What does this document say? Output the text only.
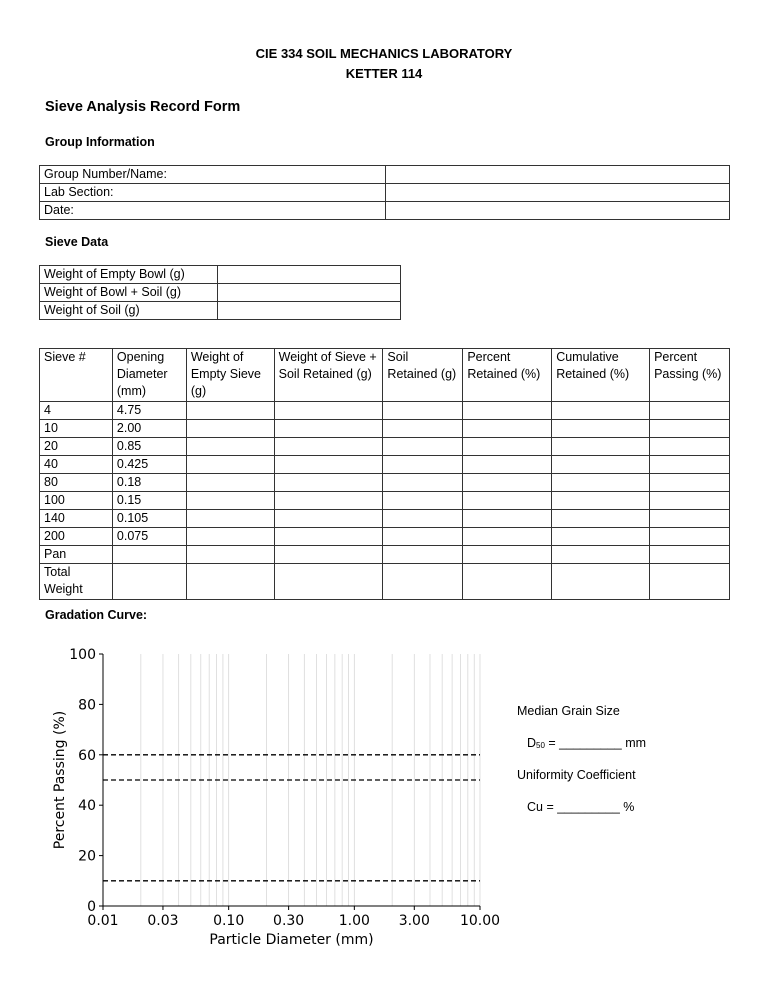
CIE 334 SOIL MECHANICS LABORATORY
KETTER 114
Sieve Analysis Record Form
Group Information
Group Number/Name:	
Lab Section:	
Date:	
Sieve Data
Weight of Empty Bowl (g)	
Weight of Bowl + Soil (g)	
Weight of Soil (g)	
Sieve #	Opening Diameter (mm)	Weight of Empty Sieve (g)	Weight of Sieve + Soil Retained (g)	Soil Retained (g)	Percent Retained (%)	Cumulative Retained (%)	Percent Passing (%)
4	4.75						
10	2.00						
20	0.85						
40	0.425						
80	0.18						
100	0.15						
140	0.105						
200	0.075						
Pan							
Total Weight							
Gradation Curve:
0
20
40
60
80
100
0.01 0.03 0.10 0.30 1.00 3.00 10.00
Particle Diameter (mm)
Percent Passing (%)	Median Grain Size
$D_{50}$ = _________ mm
Uniformity Coefficient
Cu = _________ %
